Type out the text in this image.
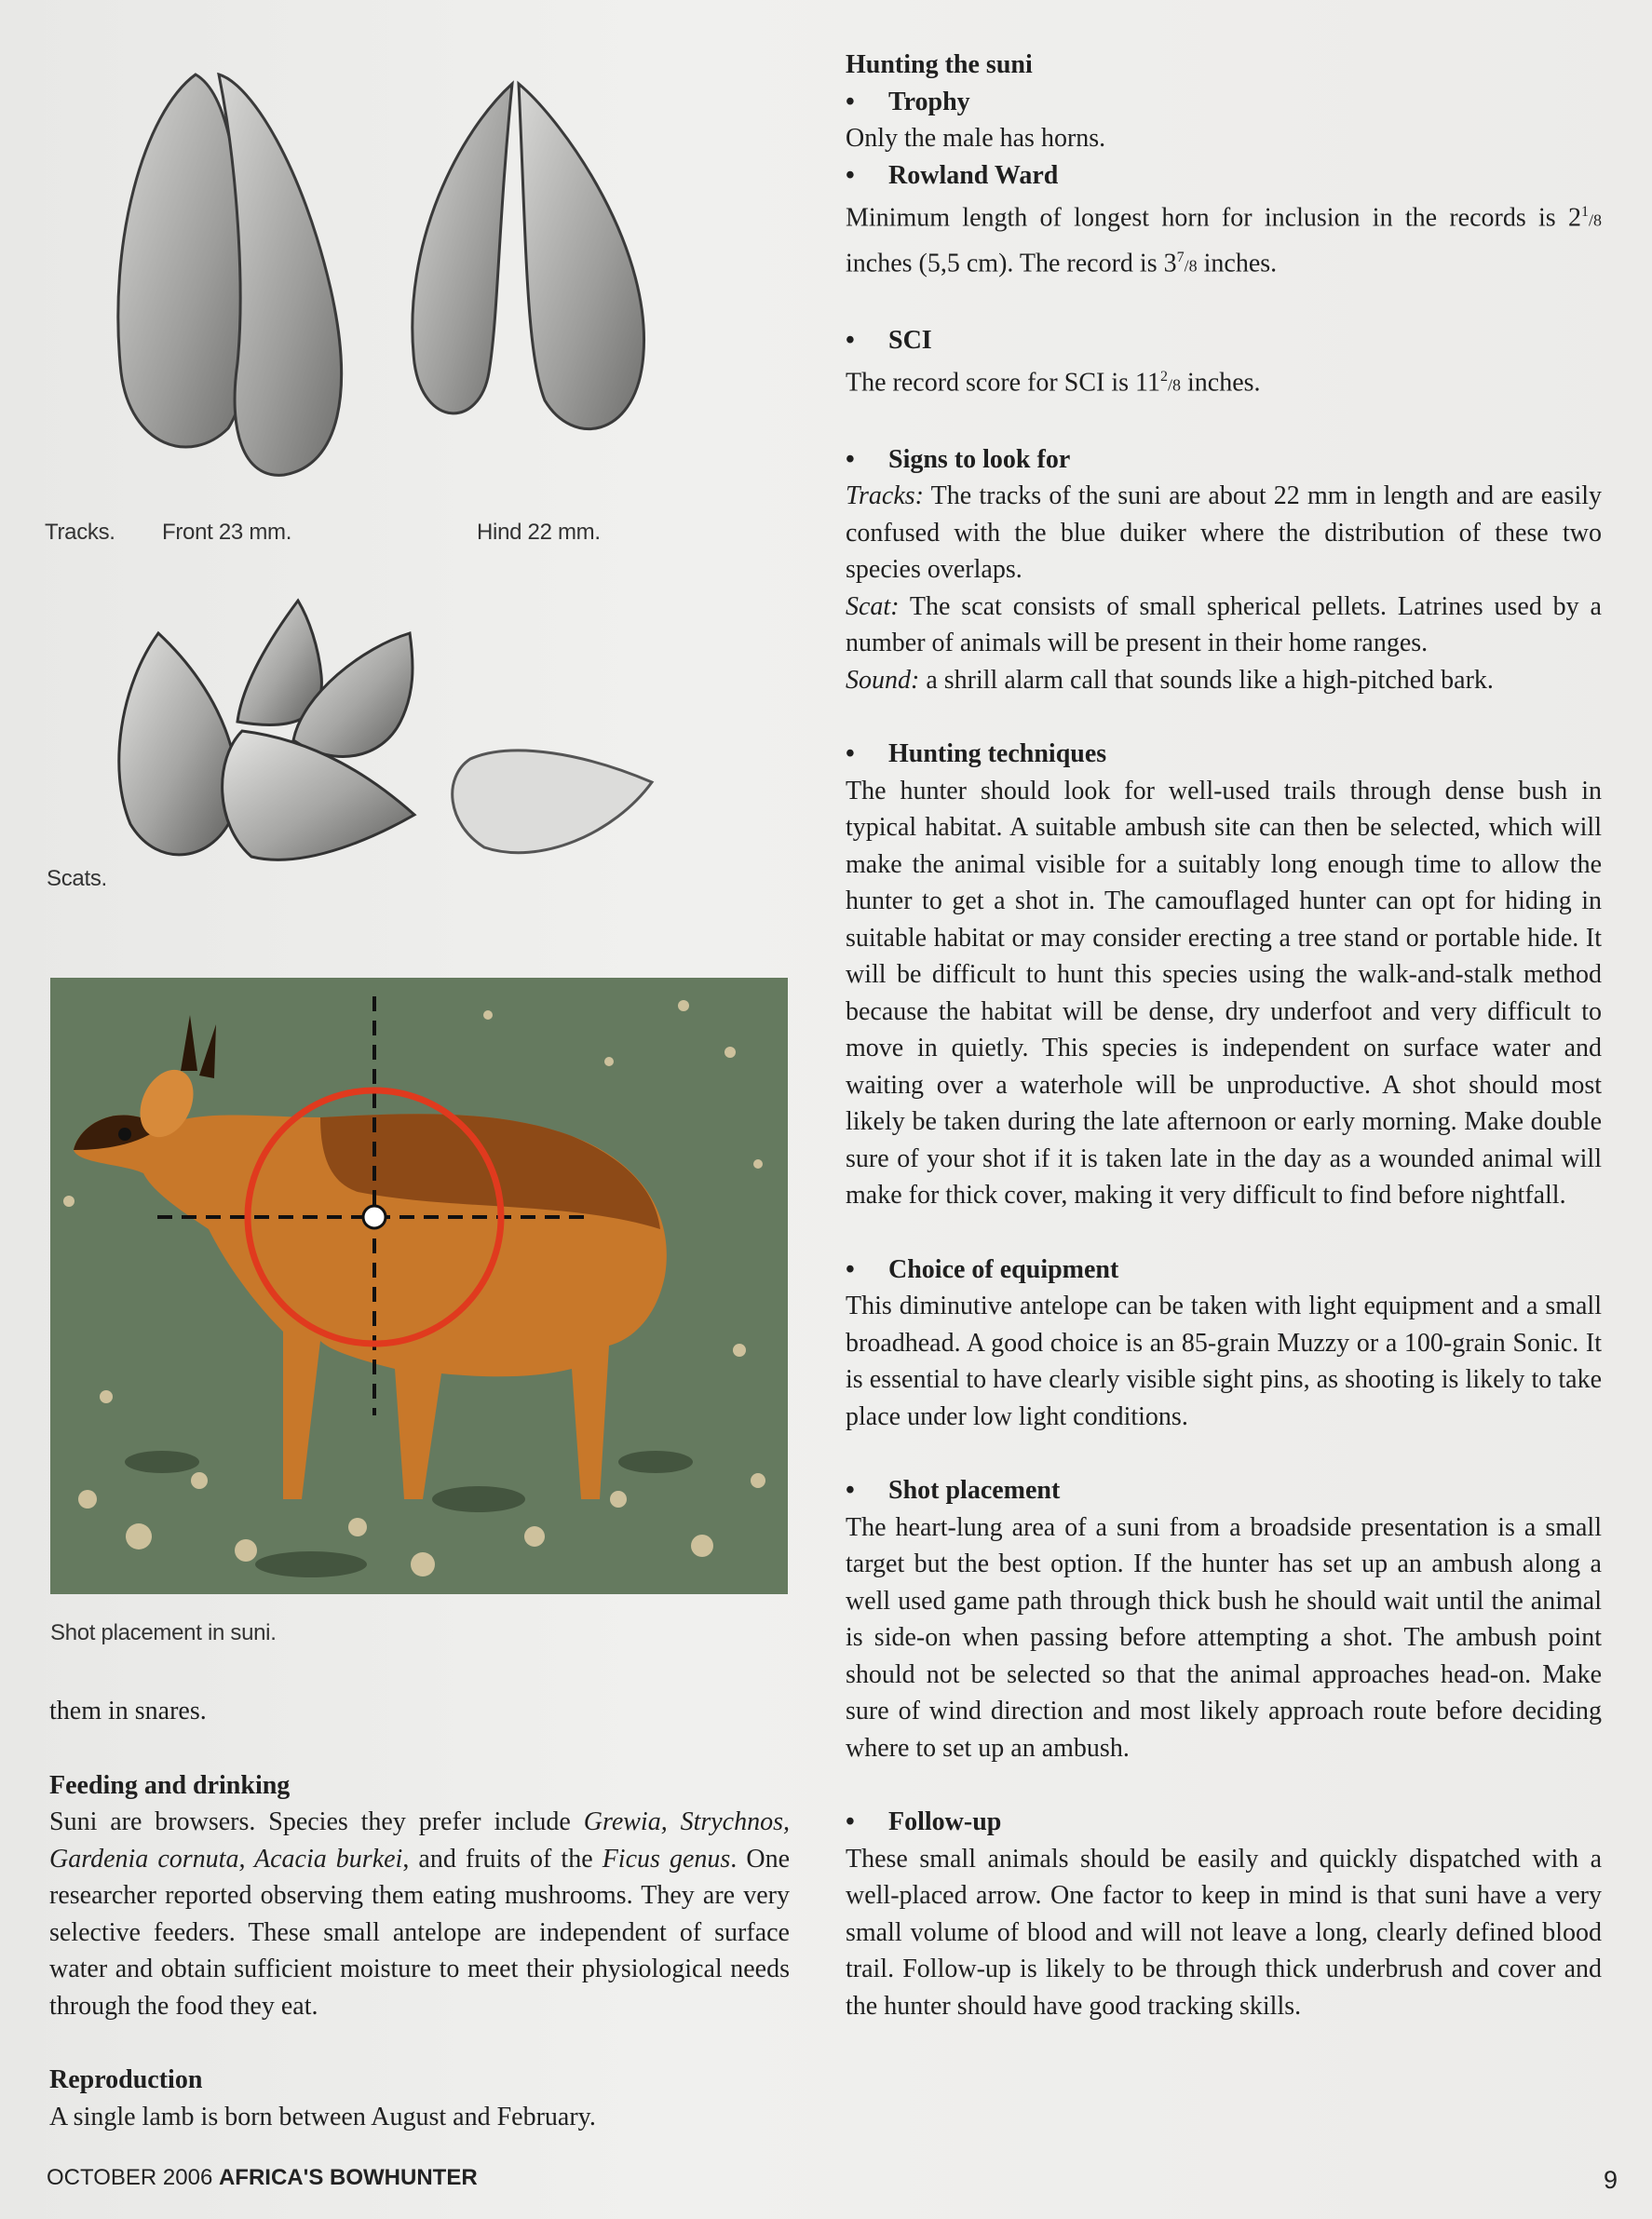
Tracks. Front 23 mm.	Hind 22 mm.
Scats.
Shot placement in suni.

them in snares.

Feeding and drinking

Suni are browsers. Species they prefer include Grewia, Strychnos, Gardenia cornuta, Acacia burkei, and fruits of the Ficus genus. One researcher reported observing them eating mushrooms. They are very selective feeders. These small antelope are independent of surface water and obtain sufficient moisture to meet their physiological needs through the food they eat.

Reproduction

A single lamb is born between August and February.

Hunting the suni
•	Trophy

Only the male has horns.

•	Rowland Ward

Minimum length of longest horn for inclusion in the records is $2^1/8$ inches (5,5 cm). The record is $3^7/8$ inches.

•	SCI

The record score for SCI is $11^2/8$ inches.

•	Signs to look for

Tracks: The tracks of the suni are about 22 mm in length and are easily confused with the blue duiker where the distribution of these two species overlaps.

Scat: The scat consists of small spherical pellets. Latrines used by a number of animals will be present in their home ranges.

Sound: a shrill alarm call that sounds like a high-pitched bark.

•	Hunting techniques

The hunter should look for well-used trails through dense bush in typical habitat. A suitable ambush site can then be selected, which will make the animal visible for a suitably long enough time to allow the hunter to get a shot in. The camouflaged hunter can opt for hiding in suitable habitat or may consider erecting a tree stand or portable hide. It will be difficult to hunt this species using the walk-and-stalk method because the habitat will be dense, dry underfoot and very difficult to move in quietly. This species is independent on surface water and waiting over a waterhole will be unproductive. A shot should most likely be taken during the late afternoon or early morning. Make double sure of your shot if it is taken late in the day as a wounded animal will make for thick cover, making it very difficult to find before nightfall.

•	Choice of equipment

This diminutive antelope can be taken with light equipment and a small broadhead. A good choice is an 85-grain Muzzy or a 100-grain Sonic. It is essential to have clearly visible sight pins, as shooting is likely to take place under low light conditions.

•	Shot placement

The heart-lung area of a suni from a broadside presentation is a small target but the best option. If the hunter has set up an ambush along a well used game path through thick bush he should wait until the animal is side-on when passing before attempting a shot. The ambush point should not be selected so that the animal approaches head-on. Make sure of wind direction and most likely approach route before deciding where to set up an ambush.

•	Follow-up

These small animals should be easily and quickly dispatched with a well-placed arrow. One factor to keep in mind is that suni have a very small volume of blood and will not leave a long, clearly defined blood trail. Follow-up is likely to be through thick underbrush and cover and the hunter should have good tracking skills.

OCTOBER 2006 AFRICA'S BOWHUNTER	9
